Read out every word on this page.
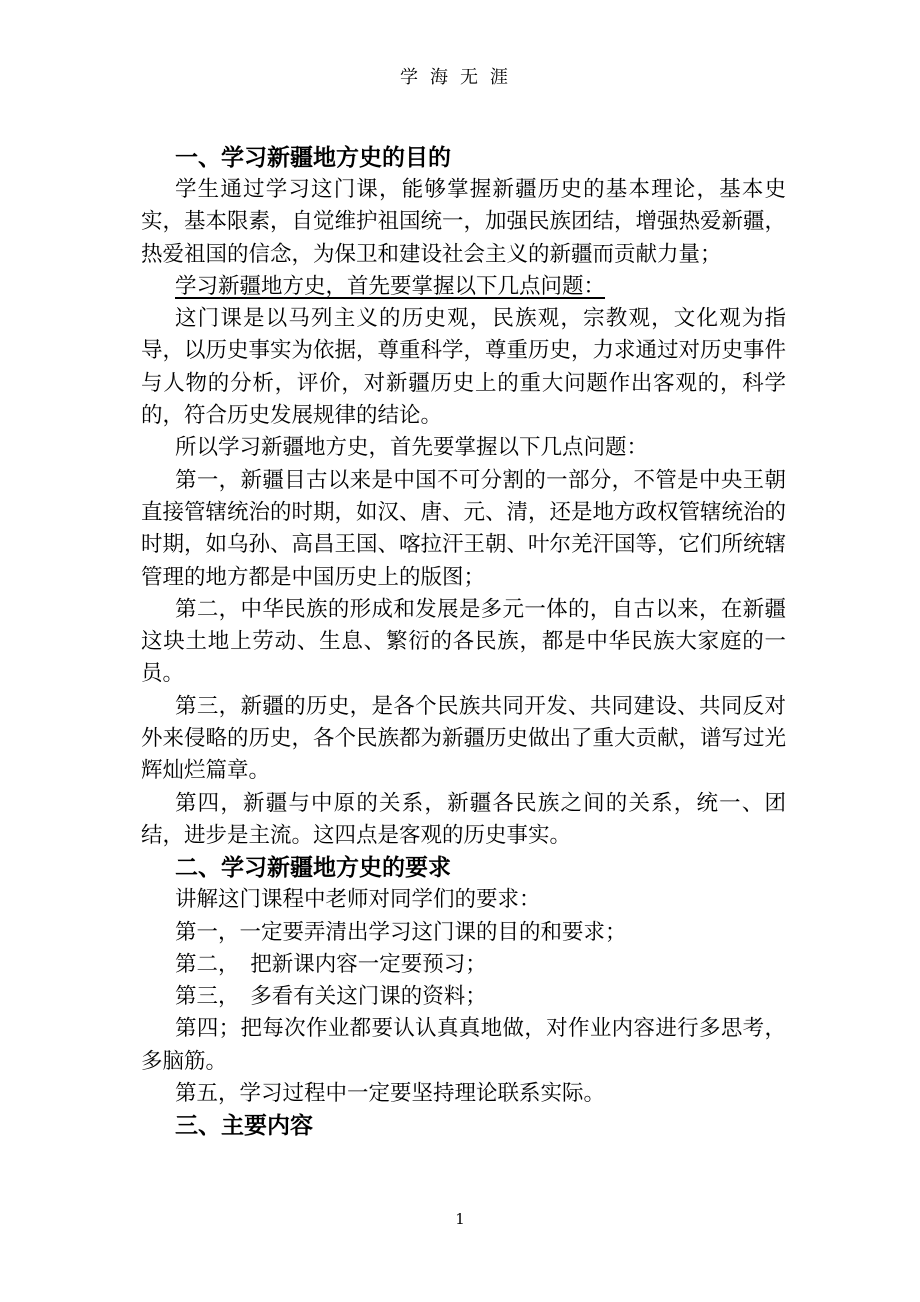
学海无涯
一、学习新疆地方史的目的

学生通过学习这门课，能够掌握新疆历史的基本理论，基本史实，基本限素，自觉维护祖国统一，加强民族团结，增强热爱新疆，热爱祖国的信念，为保卫和建设社会主义的新疆而贡献力量；

学习新疆地方史，首先要掌握以下几点问题：

这门课是以马列主义的历史观，民族观，宗教观，文化观为指导，以历史事实为依据，尊重科学，尊重历史，力求通过对历史事件与人物的分析，评价，对新疆历史上的重大问题作出客观的，科学的，符合历史发展规律的结论。

所以学习新疆地方史，首先要掌握以下几点问题：

第一，新疆目古以来是中国不可分割的一部分，不管是中央王朝直接管辖统治的时期，如汉、唐、元、清，还是地方政权管辖统治的时期，如乌孙、高昌王国、喀拉汗王朝、叶尔羌汗国等，它们所统辖管理的地方都是中国历史上的版图；

第二，中华民族的形成和发展是多元一体的，自古以来，在新疆这块土地上劳动、生息、繁衍的各民族，都是中华民族大家庭的一员。

第三，新疆的历史，是各个民族共同开发、共同建设、共同反对外来侵略的历史，各个民族都为新疆历史做出了重大贡献，谱写过光辉灿烂篇章。

第四，新疆与中原的关系，新疆各民族之间的关系，统一、团结，进步是主流。这四点是客观的历史事实。

二、学习新疆地方史的要求

讲解这门课程中老师对同学们的要求：

第一，一定要弄清出学习这门课的目的和要求；

第二，　把新课内容一定要预习；

第三，　多看有关这门课的资料；

第四；把每次作业都要认认真真地做，对作业内容进行多思考，多脑筋。

第五，学习过程中一定要坚持理论联系实际。

三、主要内容
1
